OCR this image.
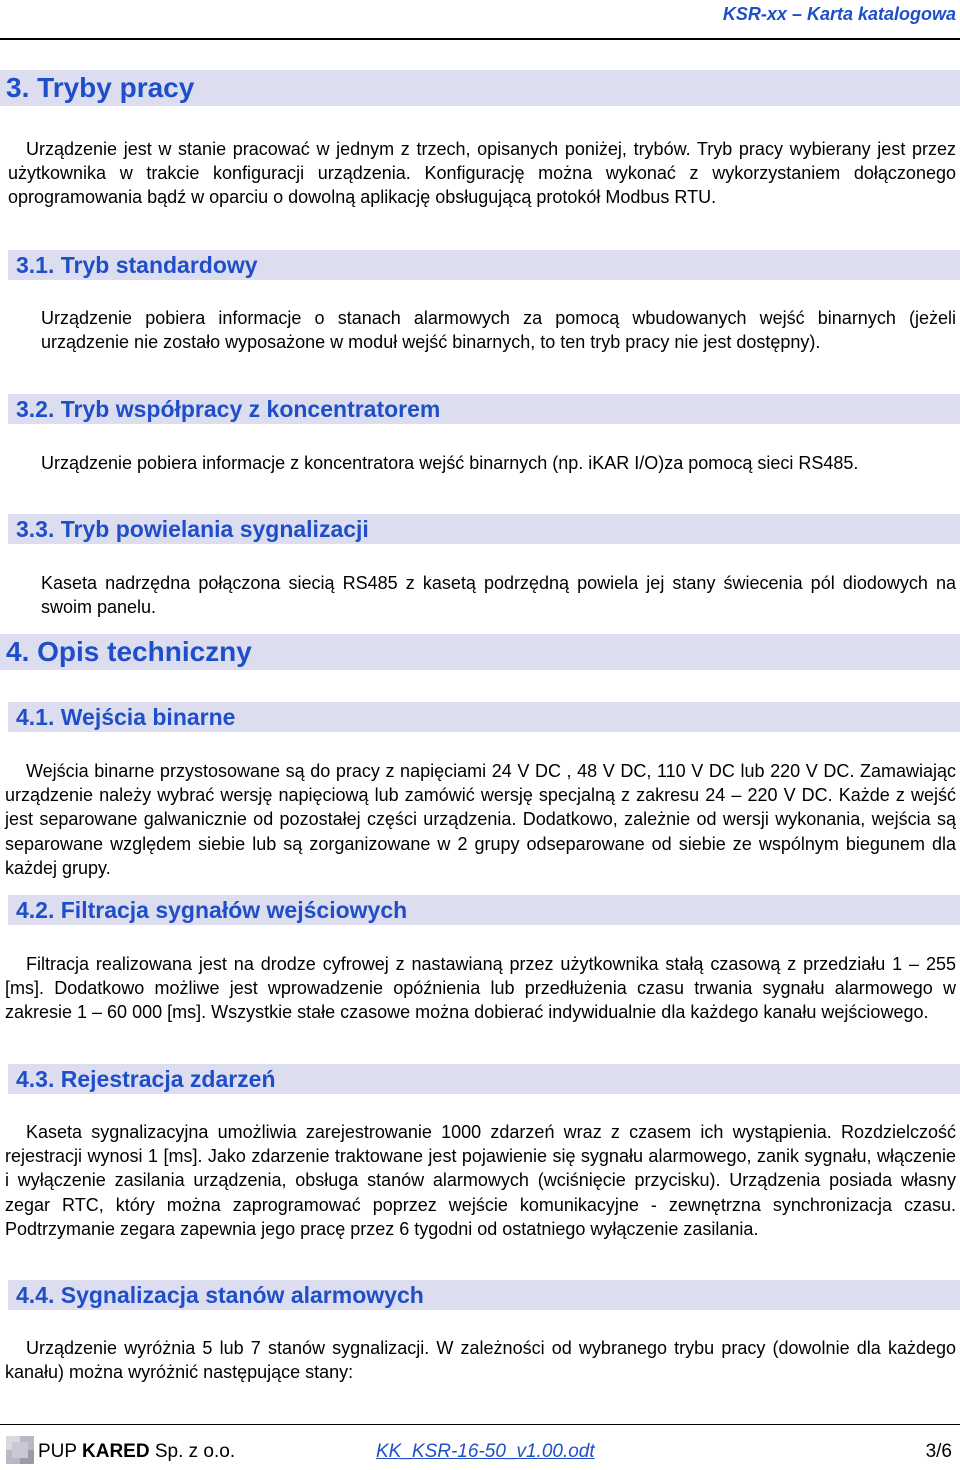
KSR-xx – Karta katalogowa
3. Tryby pracy
Urządzenie jest w stanie pracować w jednym z trzech, opisanych poniżej, trybów. Tryb pracy wybierany jest przez użytkownika w trakcie konfiguracji urządzenia. Konfigurację można wykonać z wykorzystaniem dołączonego oprogramowania bądź w oparciu o dowolną aplikację obsługującą protokół Modbus RTU.
3.1. Tryb standardowy
Urządzenie pobiera informacje o stanach alarmowych za pomocą wbudowanych wejść binarnych (jeżeli urządzenie nie zostało wyposażone w moduł wejść binarnych, to ten tryb pracy nie jest dostępny).
3.2. Tryb współpracy z koncentratorem
Urządzenie pobiera informacje z koncentratora wejść binarnych (np. iKAR I/O)za pomocą sieci RS485.
3.3. Tryb powielania sygnalizacji
Kaseta nadrzędna połączona siecią RS485 z kasetą podrzędną powiela jej stany świecenia pól diodowych na swoim panelu.
4. Opis techniczny
4.1. Wejścia binarne
Wejścia binarne przystosowane są do pracy z napięciami 24 V DC , 48 V DC, 110 V DC lub 220 V DC. Zamawiając urządzenie należy wybrać wersję napięciową lub zamówić wersję specjalną z zakresu 24 – 220 V DC. Każde z wejść jest separowane galwanicznie od pozostałej części urządzenia. Dodatkowo, zależnie od wersji wykonania, wejścia są separowane względem siebie lub są zorganizowane w 2 grupy odseparowane od siebie ze wspólnym biegunem dla każdej grupy.
4.2. Filtracja sygnałów wejściowych
Filtracja realizowana jest na drodze cyfrowej z nastawianą przez użytkownika stałą czasową z przedziału 1 – 255 [ms]. Dodatkowo możliwe jest wprowadzenie opóźnienia lub przedłużenia czasu trwania sygnału alarmowego w zakresie 1 – 60 000 [ms]. Wszystkie stałe czasowe można dobierać indywidualnie dla każdego kanału wejściowego.
4.3. Rejestracja zdarzeń
Kaseta sygnalizacyjna umożliwia zarejestrowanie 1000 zdarzeń wraz z czasem ich wystąpienia. Rozdzielczość rejestracji wynosi 1 [ms]. Jako zdarzenie traktowane jest pojawienie się sygnału alarmowego, zanik sygnału, włączenie i wyłączenie zasilania urządzenia, obsługa stanów alarmowych (wciśnięcie przycisku). Urządzenia posiada własny zegar RTC, który można zaprogramować poprzez wejście komunikacyjne - zewnętrzna synchronizacja czasu. Podtrzymanie zegara zapewnia jego pracę przez 6 tygodni od ostatniego wyłączenie zasilania.
4.4. Sygnalizacja stanów alarmowych
Urządzenie wyróżnia 5 lub 7 stanów sygnalizacji. W zależności od wybranego trybu pracy (dowolnie dla każdego kanału) można wyróżnić następujące stany:
PUP KARED Sp. z o.o.	KK_KSR-16-50_v1.00.odt	3/6
